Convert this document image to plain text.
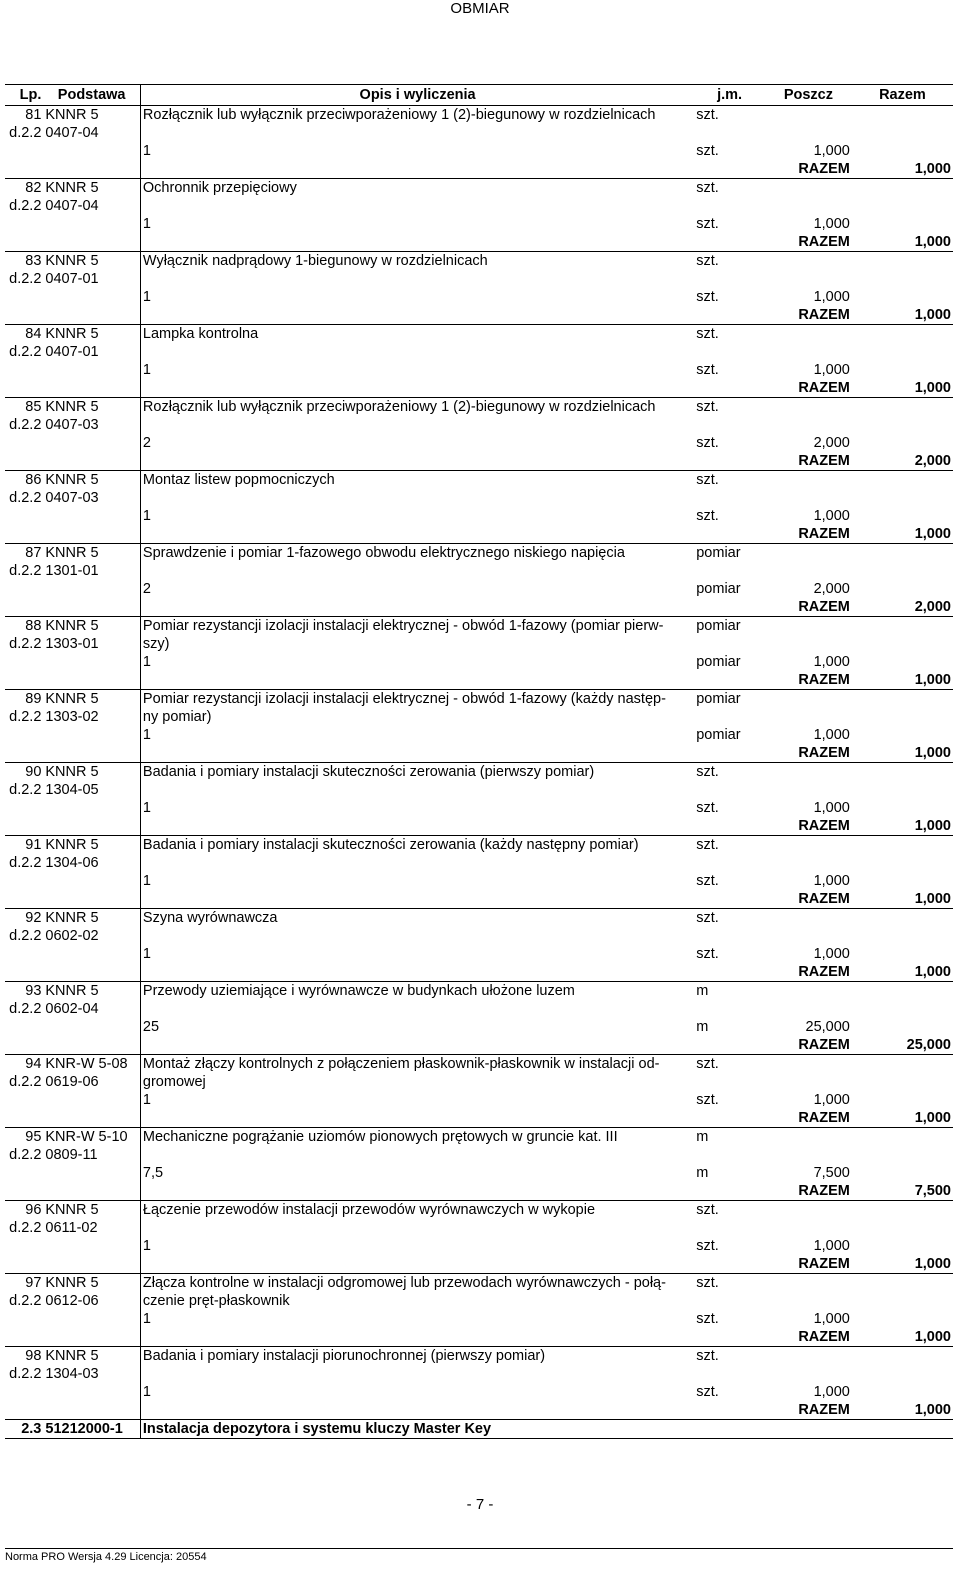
OBMIAR
Lp.	Podstawa	Opis i wyliczenia	j.m.	Poszcz	Razem
81	KNNR 5	Rozłącznik lub wyłącznik przeciwporażeniowy 1 (2)-biegunowy w rozdzielnicach	szt.		
d.2.2	0407-04				
		1	szt.	1,000	
				RAZEM	1,000
82	KNNR 5	Ochronnik przepięciowy	szt.		
d.2.2	0407-04				
		1	szt.	1,000	
				RAZEM	1,000
83	KNNR 5	Wyłącznik nadprądowy 1-biegunowy w rozdzielnicach	szt.		
d.2.2	0407-01				
		1	szt.	1,000	
				RAZEM	1,000
84	KNNR 5	Lampka kontrolna	szt.		
d.2.2	0407-01				
		1	szt.	1,000	
				RAZEM	1,000
85	KNNR 5	Rozłącznik lub wyłącznik przeciwporażeniowy 1 (2)-biegunowy w rozdzielnicach	szt.		
d.2.2	0407-03				
		2	szt.	2,000	
				RAZEM	2,000
86	KNNR 5	Montaz listew popmocniczych	szt.		
d.2.2	0407-03				
		1	szt.	1,000	
				RAZEM	1,000
87	KNNR 5	Sprawdzenie i pomiar 1-fazowego obwodu elektrycznego niskiego napięcia	pomiar		
d.2.2	1301-01				
		2	pomiar	2,000	
				RAZEM	2,000
88	KNNR 5	Pomiar rezystancji izolacji instalacji elektrycznej - obwód 1-fazowy (pomiar pierw-	pomiar		
d.2.2	1303-01	szy)			
		1	pomiar	1,000	
				RAZEM	1,000
89	KNNR 5	Pomiar rezystancji izolacji instalacji elektrycznej - obwód 1-fazowy (każdy następ-	pomiar		
d.2.2	1303-02	ny pomiar)			
		1	pomiar	1,000	
				RAZEM	1,000
90	KNNR 5	Badania i pomiary instalacji skuteczności zerowania (pierwszy pomiar)	szt.		
d.2.2	1304-05				
		1	szt.	1,000	
				RAZEM	1,000
91	KNNR 5	Badania i pomiary instalacji skuteczności zerowania (każdy następny pomiar)	szt.		
d.2.2	1304-06				
		1	szt.	1,000	
				RAZEM	1,000
92	KNNR 5	Szyna wyrównawcza	szt.		
d.2.2	0602-02				
		1	szt.	1,000	
				RAZEM	1,000
93	KNNR 5	Przewody uziemiające i wyrównawcze w budynkach ułożone luzem	m		
d.2.2	0602-04				
		25	m	25,000	
				RAZEM	25,000
94	KNR-W 5-08	Montaż złączy kontrolnych z połączeniem płaskownik-płaskownik w instalacji od-	szt.		
d.2.2	0619-06	gromowej			
		1	szt.	1,000	
				RAZEM	1,000
95	KNR-W 5-10	Mechaniczne pogrążanie uziomów pionowych prętowych w gruncie kat. III	m		
d.2.2	0809-11				
		7,5	m	7,500	
				RAZEM	7,500
96	KNNR 5	Łączenie przewodów instalacji przewodów wyrównawczych w wykopie	szt.		
d.2.2	0611-02				
		1	szt.	1,000	
				RAZEM	1,000
97	KNNR 5	Złącza kontrolne w instalacji odgromowej lub przewodach wyrównawczych - połą-	szt.		
d.2.2	0612-06	czenie pręt-płaskownik			
		1	szt.	1,000	
				RAZEM	1,000
98	KNNR 5	Badania i pomiary instalacji piorunochronnej (pierwszy pomiar)	szt.		
d.2.2	1304-03				
		1	szt.	1,000	
				RAZEM	1,000
2.3	51212000-1	Instalacja depozytora i systemu kluczy Master Key			
- 7 -
Norma PRO Wersja 4.29 Licencja: 20554
